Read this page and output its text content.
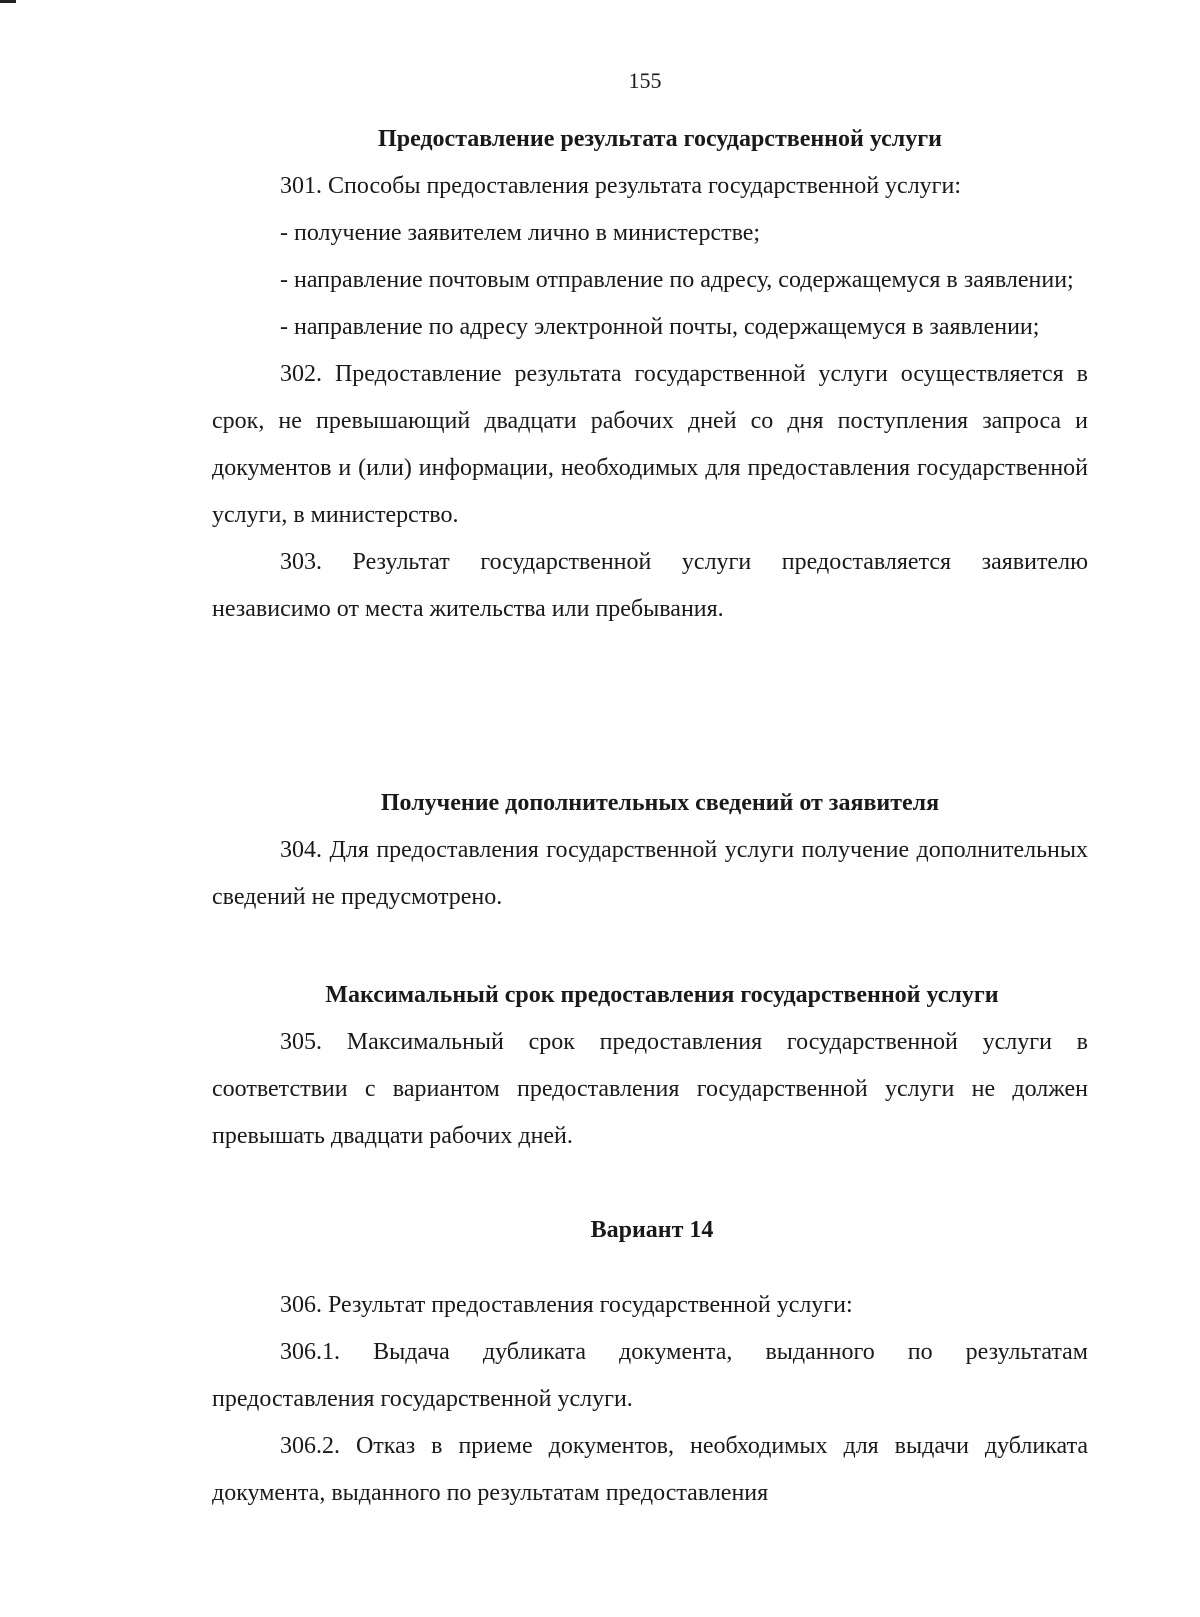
155

Предоставление результата государственной услуги

301. Способы предоставления результата государственной услуги:

- получение заявителем лично в министерстве;

- направление почтовым отправление по адресу, содержащемуся в заявлении;

- направление по адресу электронной почты, содержащемуся в заявлении;

302. Предоставление результата государственной услуги осуществляется в срок, не превышающий двадцати рабочих дней со дня поступления запроса и документов и (или) информации, необходимых для предоставления государственной услуги, в министерство.

303. Результат государственной услуги предоставляется заявителю независимо от места жительства или пребывания.

Получение дополнительных сведений от заявителя

304. Для предоставления государственной услуги получение дополнительных сведений не предусмотрено.

Максимальный срок предоставления государственной услуги

305. Максимальный срок предоставления государственной услуги в соответствии с вариантом предоставления государственной услуги не должен превышать двадцати рабочих дней.

Вариант 14

306. Результат предоставления государственной услуги:

306.1. Выдача дубликата документа, выданного по результатам предоставления государственной услуги.

306.2. Отказ в приеме документов, необходимых для выдачи дубликата документа, выданного по результатам предоставления
